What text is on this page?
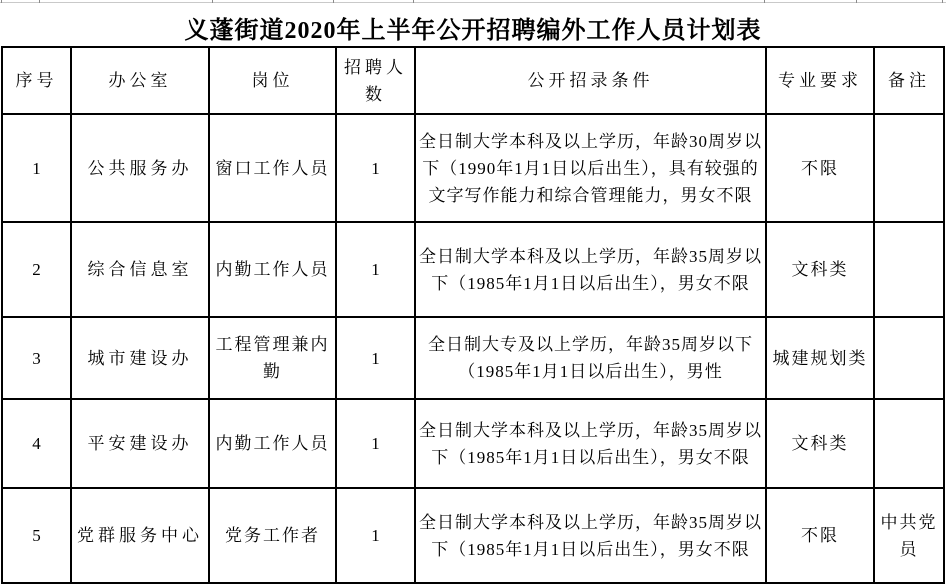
义蓬街道2020年上半年公开招聘编外工作人员计划表
序号	办公室	岗位	招聘人数	公开招录条件	专业要求	备注
1	公共服务办	窗口工作人员	1	全日制大学本科及以上学历，年龄30周岁以下（1990年1月1日以后出生），具有较强的文字写作能力和综合管理能力，男女不限	不限	
2	综合信息室	内勤工作人员	1	全日制大学本科及以上学历，年龄35周岁以下（1985年1月1日以后出生），男女不限	文科类	
3	城市建设办	工程管理兼内勤	1	全日制大专及以上学历，年龄35周岁以下（1985年1月1日以后出生），男性	城建规划类	
4	平安建设办	内勤工作人员	1	全日制大学本科及以上学历，年龄35周岁以下（1985年1月1日以后出生），男女不限	文科类	
5	党群服务中心	党务工作者	1	全日制大学本科及以上学历，年龄35周岁以下（1985年1月1日以后出生），男女不限	不限	中共党员
